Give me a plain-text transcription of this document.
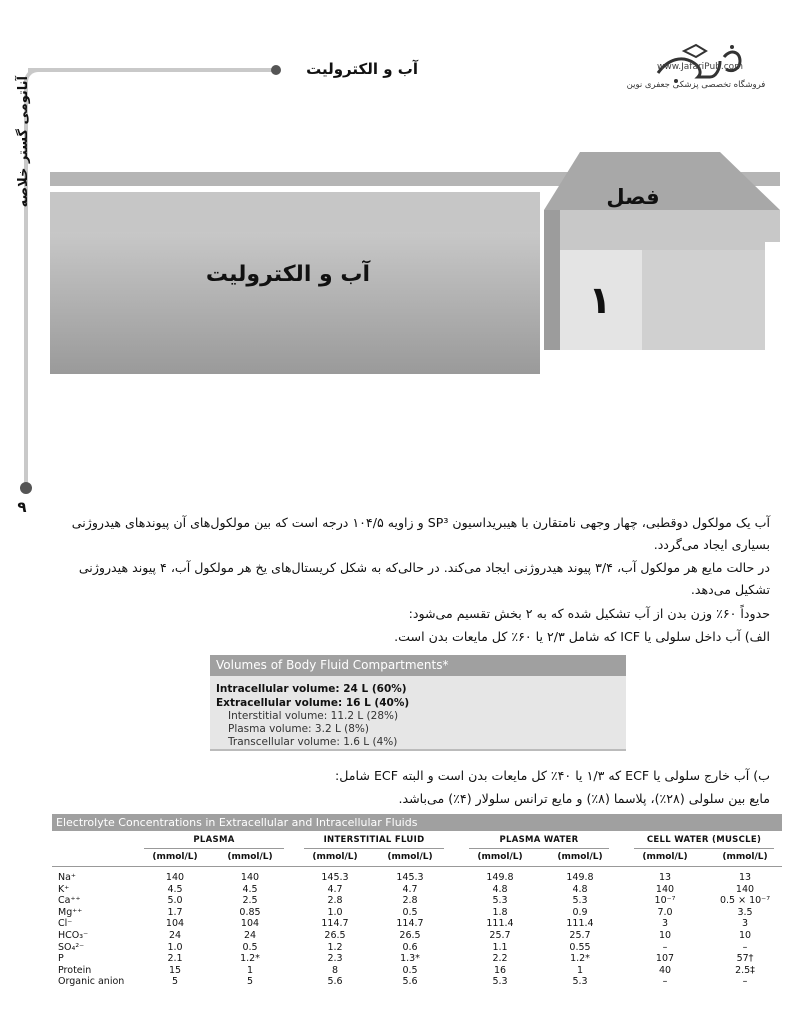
آناتومی گستر خلاصه
۹
آب و الکترولیت	www.JafariPub.com
فروشگاه تخصصی پزشکی جعفری نوین
فصل
۱
آب و الکترولیت
آب یک مولکول دوقطبی، چهار وجهی نامتقارن با هیبریداسیون SP³ و زاویه ۱۰۴/۵ درجه است که بین مولکول‌های آن پیوندهای هیدروژنی بسیاری ایجاد می‌گردد.
در حالت مایع هر مولکول آب، ۳/۴ پیوند هیدروژنی ایجاد می‌کند. در حالی‌که به شکل کریستال‌های یخ هر مولکول آب، ۴ پیوند هیدروژنی تشکیل می‌دهد.
حدوداً ۶۰٪ وزن بدن از آب تشکیل شده که به ۲ بخش تقسیم می‌شود:
الف) آب داخل سلولی یا ICF که شامل ۲/۳ یا ۶۰٪ کل مایعات بدن است.
Volumes of Body Fluid Compartments*
Intracellular volume: 24 L (60%)
Extracellular volume: 16 L (40%)
Interstitial volume: 11.2 L (28%)
Plasma volume: 3.2 L (8%)
Transcellular volume: 1.6 L (4%)
ب) آب خارج سلولی یا ECF که ۱/۳ یا ۴۰٪ کل مایعات بدن است و البته ECF شامل:
مایع بین سلولی (۲۸٪)، پلاسما (۸٪) و مایع ترانس سلولار (۴٪) می‌باشد.
Electrolyte Concentrations in Extracellular and Intracellular Fluids
PLASMA	INTERSTITIAL FLUID	PLASMA WATER	CELL WATER (MUSCLE)
(mmol/L)	(mmol/L)	(mmol/L)	(mmol/L)	(mmol/L)	(mmol/L)	(mmol/L)	(mmol/L)
Na⁺	140	140	145.3	145.3	149.8	149.8	13	13
K⁺	4.5	4.5	4.7	4.7	4.8	4.8	140	140
Ca⁺⁺	5.0	2.5	2.8	2.8	5.3	5.3	10⁻⁷	0.5 × 10⁻⁷
Mg⁺⁺	1.7	0.85	1.0	0.5	1.8	0.9	7.0	3.5
Cl⁻	104	104	114.7	114.7	111.4	111.4	3	3
HCO₃⁻	24	24	26.5	26.5	25.7	25.7	10	10
SO₄²⁻	1.0	0.5	1.2	0.6	1.1	0.55	–	–
P	2.1	1.2*	2.3	1.3*	2.2	1.2*	107	57†
Protein	15	1	8	0.5	16	1	40	2.5‡
Organic anion	5	5	5.6	5.6	5.3	5.3	–	–
